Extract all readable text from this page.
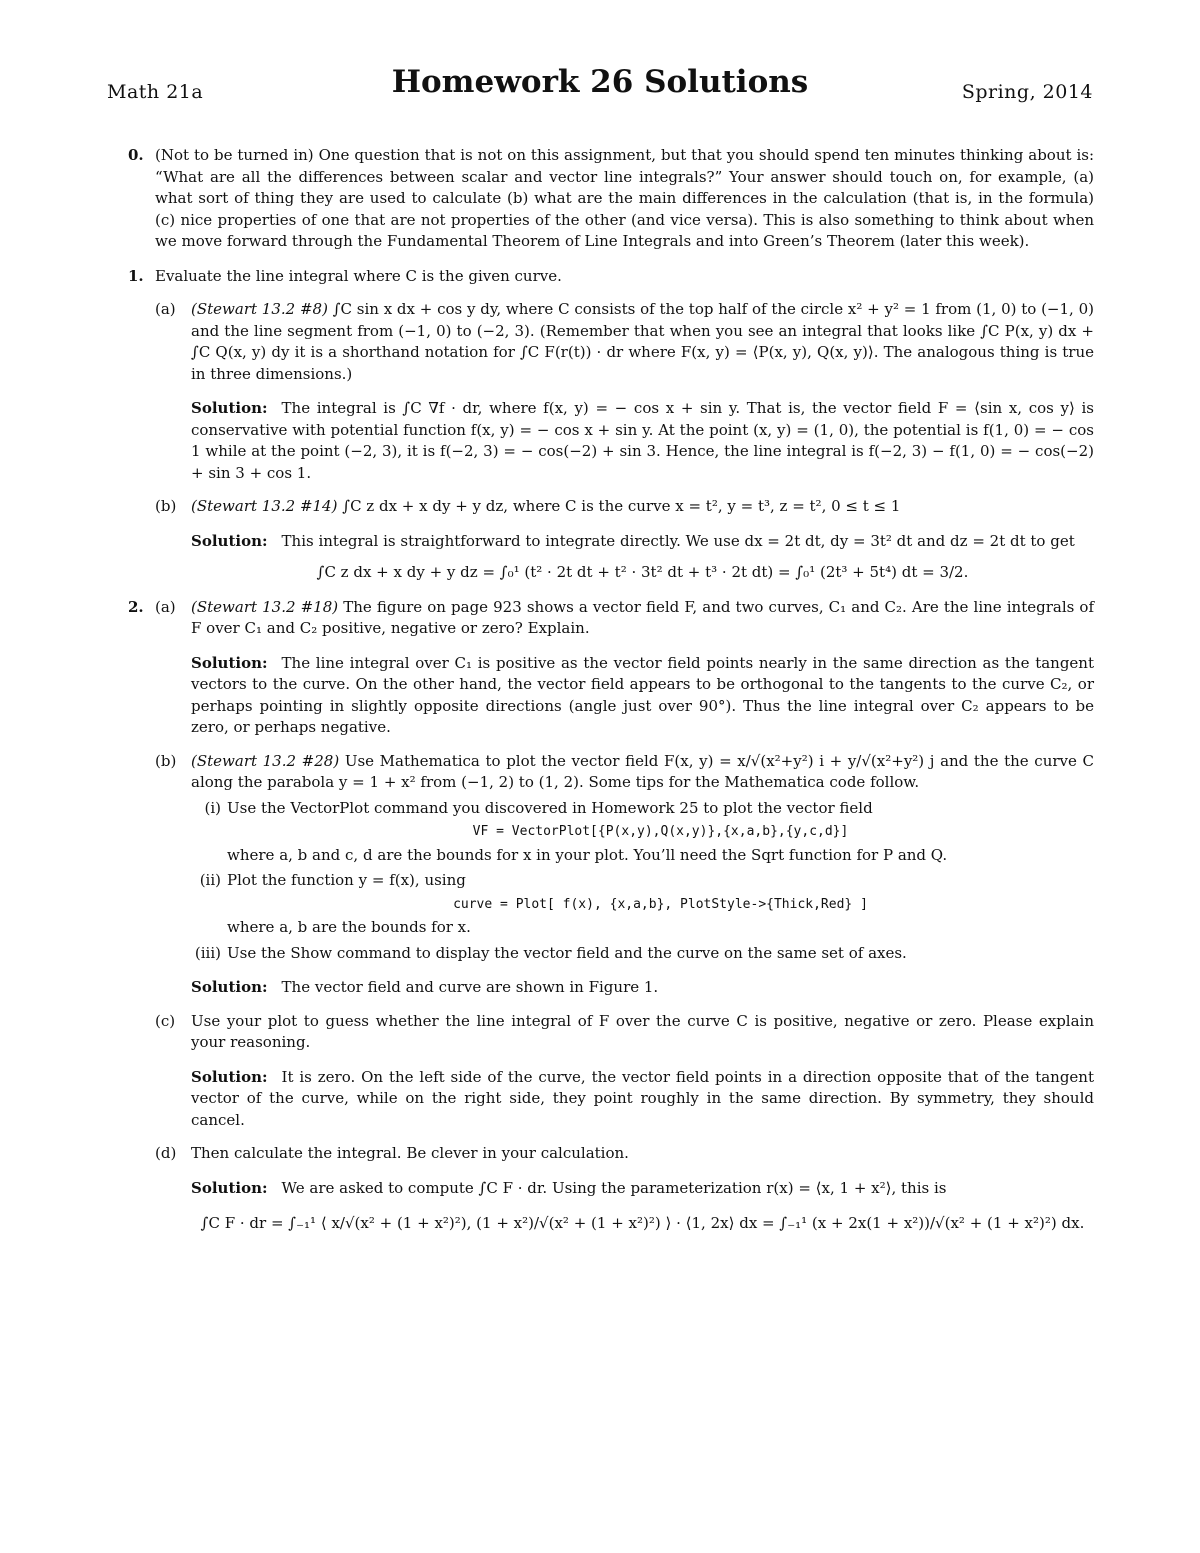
Math 21a	Homework 26 Solutions	Spring, 2014
0. (Not to be turned in) One question that is not on this assignment, but that you should spend ten minutes thinking about is: “What are all the differences between scalar and vector line integrals?” Your answer should touch on, for example, (a) what sort of thing they are used to calculate (b) what are the main differences in the calculation (that is, in the formula) (c) nice properties of one that are not properties of the other (and vice versa). This is also something to think about when we move forward through the Fundamental Theorem of Line Integrals and into Green’s Theorem (later this week).

1. Evaluate the line integral where C is the given curve.

(a) (Stewart 13.2 #8) ∫C sin x dx + cos y dy, where C consists of the top half of the circle x² + y² = 1 from (1, 0) to (−1, 0) and the line segment from (−1, 0) to (−2, 3). (Remember that when you see an integral that looks like ∫C P(x, y) dx + ∫C Q(x, y) dy it is a shorthand notation for ∫C F(r(t)) · dr where F(x, y) = ⟨P(x, y), Q(x, y)⟩. The analogous thing is true in three dimensions.)

Solution: The integral is ∫C ∇f · dr, where f(x, y) = − cos x + sin y. That is, the vector field F = ⟨sin x, cos y⟩ is conservative with potential function f(x, y) = − cos x + sin y. At the point (x, y) = (1, 0), the potential is f(1, 0) = − cos 1 while at the point (−2, 3), it is f(−2, 3) = − cos(−2) + sin 3. Hence, the line integral is f(−2, 3) − f(1, 0) = − cos(−2) + sin 3 + cos 1.

(b) (Stewart 13.2 #14) ∫C z dx + x dy + y dz, where C is the curve x = t², y = t³, z = t², 0 ≤ t ≤ 1

Solution: This integral is straightforward to integrate directly. We use dx = 2t dt, dy = 3t² dt and dz = 2t dt to get

∫C z dx + x dy + y dz = ∫₀¹ (t² · 2t dt + t² · 3t² dt + t³ · 2t dt) = ∫₀¹ (2t³ + 5t⁴) dt = 3/2.
2. (a) (Stewart 13.2 #18) The figure on page 923 shows a vector field F, and two curves, C₁ and C₂. Are the line integrals of F over C₁ and C₂ positive, negative or zero? Explain.

Solution: The line integral over C₁ is positive as the vector field points nearly in the same direction as the tangent vectors to the curve. On the other hand, the vector field appears to be orthogonal to the tangents to the curve C₂, or perhaps pointing in slightly opposite directions (angle just over 90°). Thus the line integral over C₂ appears to be zero, or perhaps negative.

(b) (Stewart 13.2 #28) Use Mathematica to plot the vector field F(x, y) = x/√(x²+y²) i + y/√(x²+y²) j and the the curve C along the parabola y = 1 + x² from (−1, 2) to (1, 2). Some tips for the Mathematica code follow.

(i) Use the VectorPlot command you discovered in Homework 25 to plot the vector field

VF = VectorPlot[{P(x,y),Q(x,y)},{x,a,b},{y,c,d}]

where a, b and c, d are the bounds for x in your plot. You’ll need the Sqrt function for P and Q.

(ii) Plot the function y = f(x), using

curve = Plot[ f(x), {x,a,b}, PlotStyle->{Thick,Red} ]

where a, b are the bounds for x.

(iii) Use the Show command to display the vector field and the curve on the same set of axes.

Solution: The vector field and curve are shown in Figure 1.

(c) Use your plot to guess whether the line integral of F over the curve C is positive, negative or zero. Please explain your reasoning.

Solution: It is zero. On the left side of the curve, the vector field points in a direction opposite that of the tangent vector of the curve, while on the right side, they point roughly in the same direction. By symmetry, they should cancel.

(d) Then calculate the integral. Be clever in your calculation.

Solution: We are asked to compute ∫C F · dr. Using the parameterization r(x) = ⟨x, 1 + x²⟩, this is

∫C F · dr = ∫₋₁¹ ⟨ x/√(x² + (1 + x²)²), (1 + x²)/√(x² + (1 + x²)²) ⟩ · ⟨1, 2x⟩ dx = ∫₋₁¹ (x + 2x(1 + x²))/√(x² + (1 + x²)²) dx.
